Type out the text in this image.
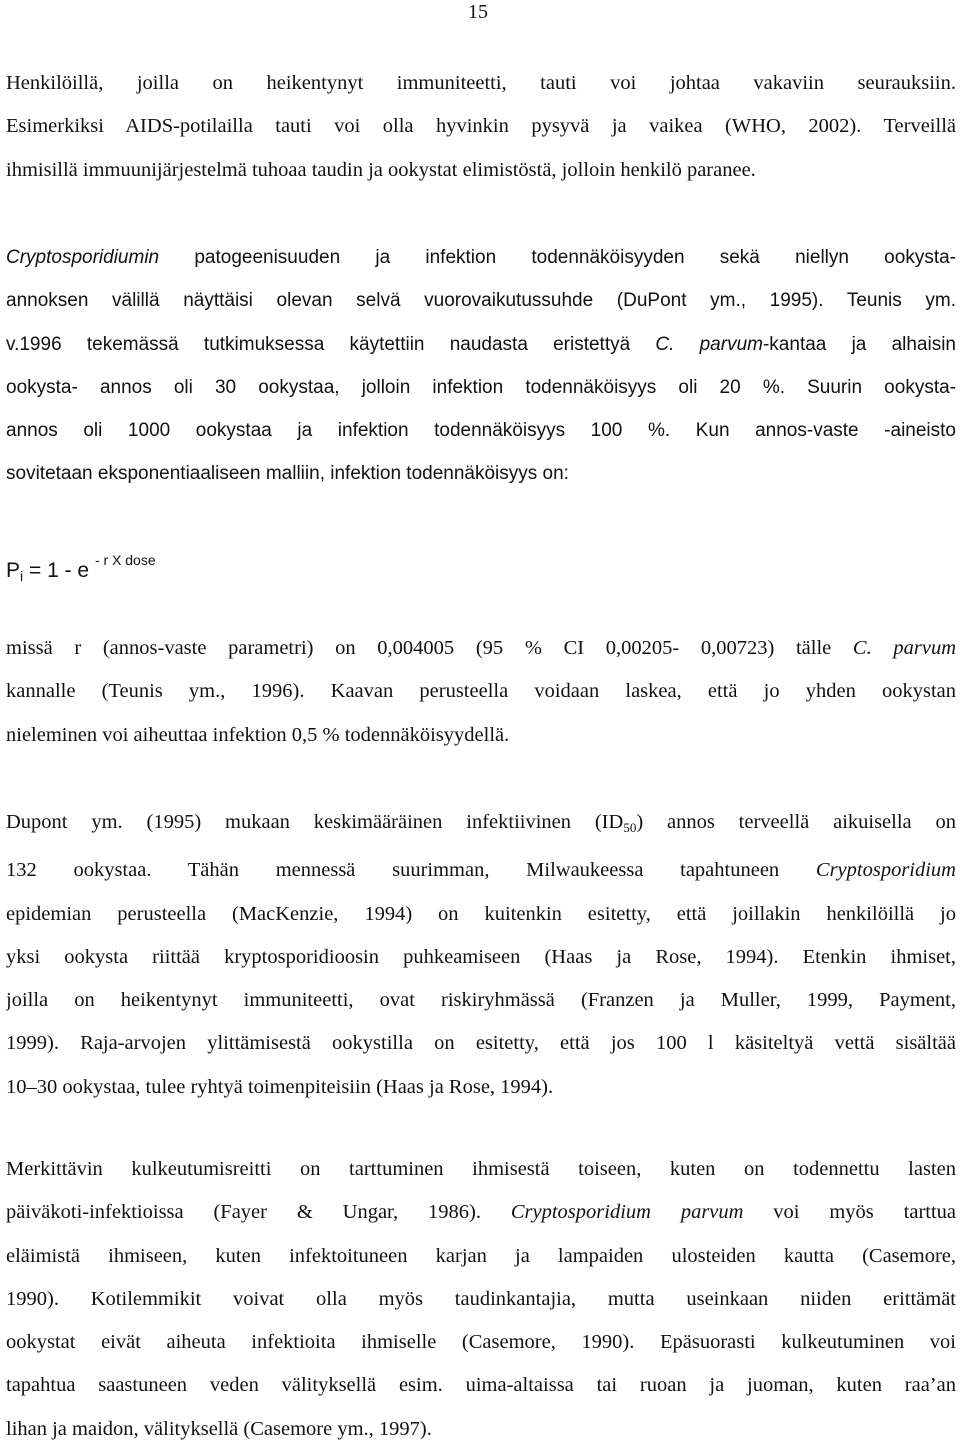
15
Henkilöillä, joilla on heikentynyt immuniteetti, tauti voi johtaa vakaviin seurauksiin.
Esimerkiksi AIDS-potilailla tauti voi olla hyvinkin pysyvä ja vaikea (WHO, 2002). Terveillä
ihmisillä immuunijärjestelmä tuhoaa taudin ja ookystat elimistöstä, jolloin henkilö paranee.
Cryptosporidiumin patogeenisuuden ja infektion todennäköisyyden sekä niellyn ookysta-
annoksen välillä näyttäisi olevan selvä vuorovaikutussuhde (DuPont ym., 1995). Teunis ym.
v.1996 tekemässä tutkimuksessa käytettiin naudasta eristettyä C. parvum-kantaa ja alhaisin
ookysta- annos oli 30 ookystaa, jolloin infektion todennäköisyys oli 20 %. Suurin ookysta-
annos oli 1000 ookystaa ja infektion todennäköisyys 100 %. Kun annos-vaste -aineisto
sovitetaan eksponentiaaliseen malliin, infektion todennäköisyys on:
$P_i = 1 - e$ $^{- r X dose}$
missä r (annos-vaste parametri) on 0,004005 (95 % CI 0,00205- 0,00723) tälle C. parvum
kannalle (Teunis ym., 1996). Kaavan perusteella voidaan laskea, että jo yhden ookystan
nieleminen voi aiheuttaa infektion 0,5 % todennäköisyydellä.
Dupont ym. (1995) mukaan keskimääräinen infektiivinen $(ID_{50})$ annos terveellä aikuisella on
132 ookystaa. Tähän mennessä suurimman, Milwaukeessa tapahtuneen Cryptosporidium
epidemian perusteella (MacKenzie, 1994) on kuitenkin esitetty, että joillakin henkilöillä jo
yksi ookysta riittää kryptosporidioosin puhkeamiseen (Haas ja Rose, 1994). Etenkin ihmiset,
joilla on heikentynyt immuniteetti, ovat riskiryhmässä (Franzen ja Muller, 1999, Payment,
1999). Raja-arvojen ylittämisestä ookystilla on esitetty, että jos 100 l käsiteltyä vettä sisältää
10–30 ookystaa, tulee ryhtyä toimenpiteisiin (Haas ja Rose, 1994).
Merkittävin kulkeutumisreitti on tarttuminen ihmisestä toiseen, kuten on todennettu lasten
päiväkoti-infektioissa (Fayer & Ungar, 1986). Cryptosporidium parvum voi myös tarttua
eläimistä ihmiseen, kuten infektoituneen karjan ja lampaiden ulosteiden kautta (Casemore,
1990). Kotilemmikit voivat olla myös taudinkantajia, mutta useinkaan niiden erittämät
ookystat eivät aiheuta infektioita ihmiselle (Casemore, 1990). Epäsuorasti kulkeutuminen voi
tapahtua saastuneen veden välityksellä esim. uima-altaissa tai ruoan ja juoman, kuten raa’an
lihan ja maidon, välityksellä (Casemore ym., 1997).
